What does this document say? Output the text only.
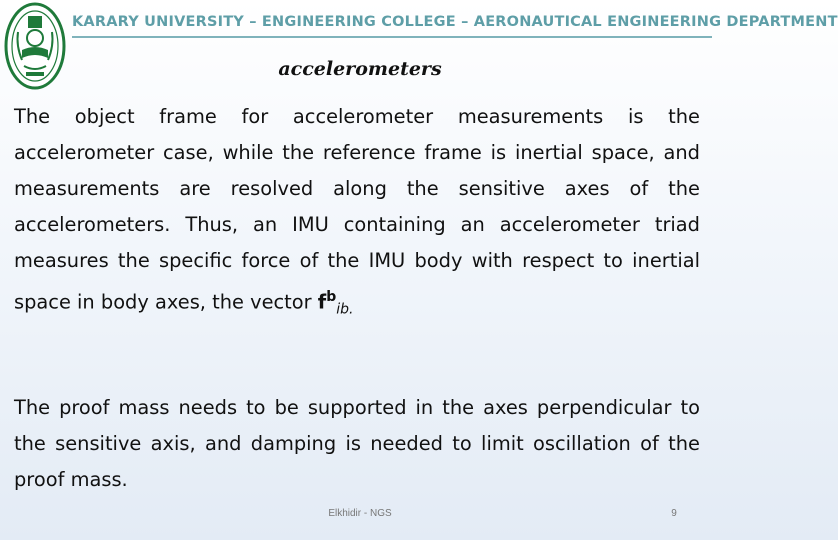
KARARY UNIVERSITY – ENGINEERING COLLEGE – AERONAUTICAL ENGINEERING DEPARTMENT
accelerometers

The object frame for accelerometer measurements is the accelerometer case, while the reference frame is inertial space, and measurements are resolved along the sensitive axes of the accelerometers. Thus, an IMU containing an accelerometer triad measures the specific force of the IMU body with respect to inertial space in body axes, the vector $f^b_{ib.}$

The proof mass needs to be supported in the axes perpendicular to the sensitive axis, and damping is needed to limit oscillation of the proof mass.

Elkhidir - NGS	9
